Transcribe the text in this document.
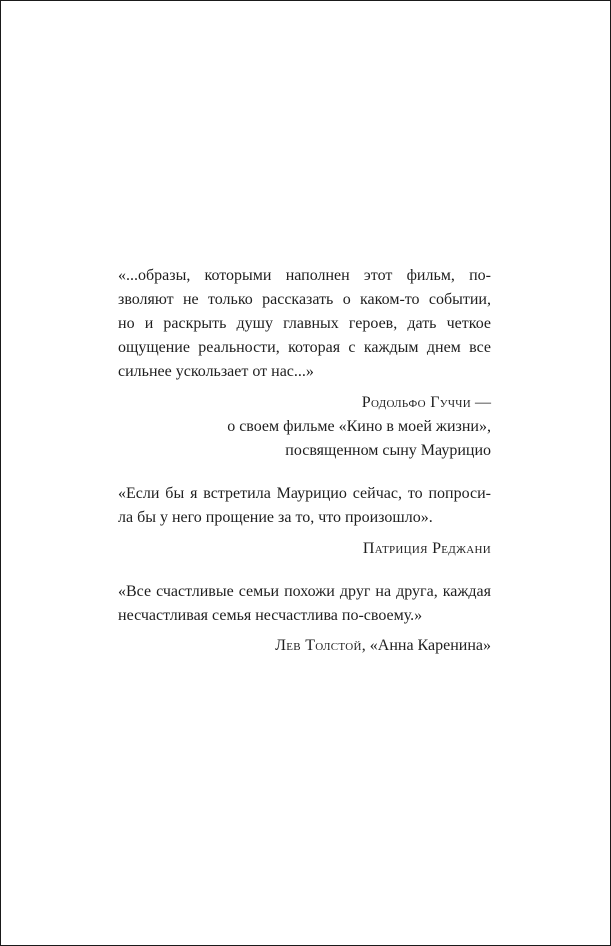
«...образы, которыми наполнен этот фильм, по-
зволяют не только рассказать о каком-то событии,
но и раскрыть душу главных героев, дать четкое
ощущение реальности, которая с каждым днем все
сильнее ускользает от нас...»

Родольфо Гуччи —
о своем фильме «Кино в моей жизни»,
посвященном сыну Маурицио

«Если бы я встретила Маурицио сейчас, то попроси-
ла бы у него прощение за то, что произошло».

Патриция Реджани

«Все счастливые семьи похожи друг на друга, каждая
несчастливая семья несчастлива по-своему.»

Лев Толстой, «Анна Каренина»
